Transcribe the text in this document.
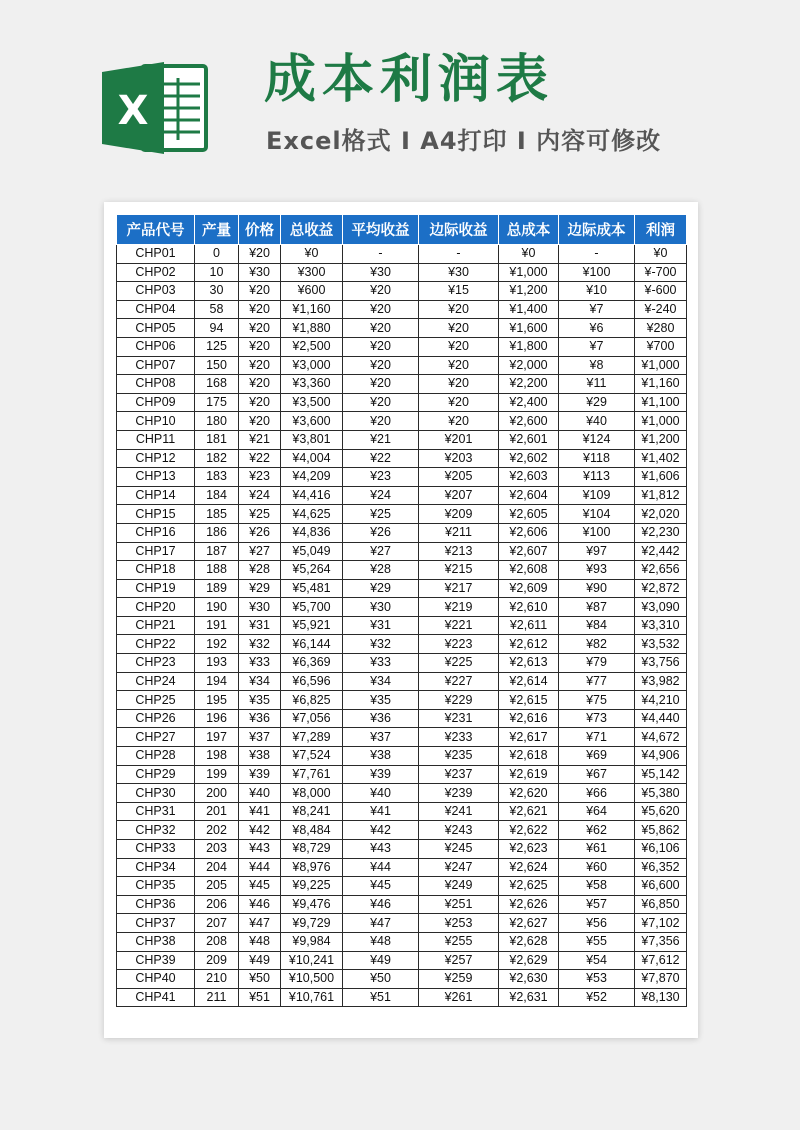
X
成本利润表
Excel格式 I A4打印 I 内容可修改
产品代号	产量	价格	总收益	平均收益	边际收益	总成本	边际成本	利润
CHP01	0	¥20	¥0	-	-	¥0	-	¥0
CHP02	10	¥30	¥300	¥30	¥30	¥1,000	¥100	¥-700
CHP03	30	¥20	¥600	¥20	¥15	¥1,200	¥10	¥-600
CHP04	58	¥20	¥1,160	¥20	¥20	¥1,400	¥7	¥-240
CHP05	94	¥20	¥1,880	¥20	¥20	¥1,600	¥6	¥280
CHP06	125	¥20	¥2,500	¥20	¥20	¥1,800	¥7	¥700
CHP07	150	¥20	¥3,000	¥20	¥20	¥2,000	¥8	¥1,000
CHP08	168	¥20	¥3,360	¥20	¥20	¥2,200	¥11	¥1,160
CHP09	175	¥20	¥3,500	¥20	¥20	¥2,400	¥29	¥1,100
CHP10	180	¥20	¥3,600	¥20	¥20	¥2,600	¥40	¥1,000
CHP11	181	¥21	¥3,801	¥21	¥201	¥2,601	¥124	¥1,200
CHP12	182	¥22	¥4,004	¥22	¥203	¥2,602	¥118	¥1,402
CHP13	183	¥23	¥4,209	¥23	¥205	¥2,603	¥113	¥1,606
CHP14	184	¥24	¥4,416	¥24	¥207	¥2,604	¥109	¥1,812
CHP15	185	¥25	¥4,625	¥25	¥209	¥2,605	¥104	¥2,020
CHP16	186	¥26	¥4,836	¥26	¥211	¥2,606	¥100	¥2,230
CHP17	187	¥27	¥5,049	¥27	¥213	¥2,607	¥97	¥2,442
CHP18	188	¥28	¥5,264	¥28	¥215	¥2,608	¥93	¥2,656
CHP19	189	¥29	¥5,481	¥29	¥217	¥2,609	¥90	¥2,872
CHP20	190	¥30	¥5,700	¥30	¥219	¥2,610	¥87	¥3,090
CHP21	191	¥31	¥5,921	¥31	¥221	¥2,611	¥84	¥3,310
CHP22	192	¥32	¥6,144	¥32	¥223	¥2,612	¥82	¥3,532
CHP23	193	¥33	¥6,369	¥33	¥225	¥2,613	¥79	¥3,756
CHP24	194	¥34	¥6,596	¥34	¥227	¥2,614	¥77	¥3,982
CHP25	195	¥35	¥6,825	¥35	¥229	¥2,615	¥75	¥4,210
CHP26	196	¥36	¥7,056	¥36	¥231	¥2,616	¥73	¥4,440
CHP27	197	¥37	¥7,289	¥37	¥233	¥2,617	¥71	¥4,672
CHP28	198	¥38	¥7,524	¥38	¥235	¥2,618	¥69	¥4,906
CHP29	199	¥39	¥7,761	¥39	¥237	¥2,619	¥67	¥5,142
CHP30	200	¥40	¥8,000	¥40	¥239	¥2,620	¥66	¥5,380
CHP31	201	¥41	¥8,241	¥41	¥241	¥2,621	¥64	¥5,620
CHP32	202	¥42	¥8,484	¥42	¥243	¥2,622	¥62	¥5,862
CHP33	203	¥43	¥8,729	¥43	¥245	¥2,623	¥61	¥6,106
CHP34	204	¥44	¥8,976	¥44	¥247	¥2,624	¥60	¥6,352
CHP35	205	¥45	¥9,225	¥45	¥249	¥2,625	¥58	¥6,600
CHP36	206	¥46	¥9,476	¥46	¥251	¥2,626	¥57	¥6,850
CHP37	207	¥47	¥9,729	¥47	¥253	¥2,627	¥56	¥7,102
CHP38	208	¥48	¥9,984	¥48	¥255	¥2,628	¥55	¥7,356
CHP39	209	¥49	¥10,241	¥49	¥257	¥2,629	¥54	¥7,612
CHP40	210	¥50	¥10,500	¥50	¥259	¥2,630	¥53	¥7,870
CHP41	211	¥51	¥10,761	¥51	¥261	¥2,631	¥52	¥8,130
